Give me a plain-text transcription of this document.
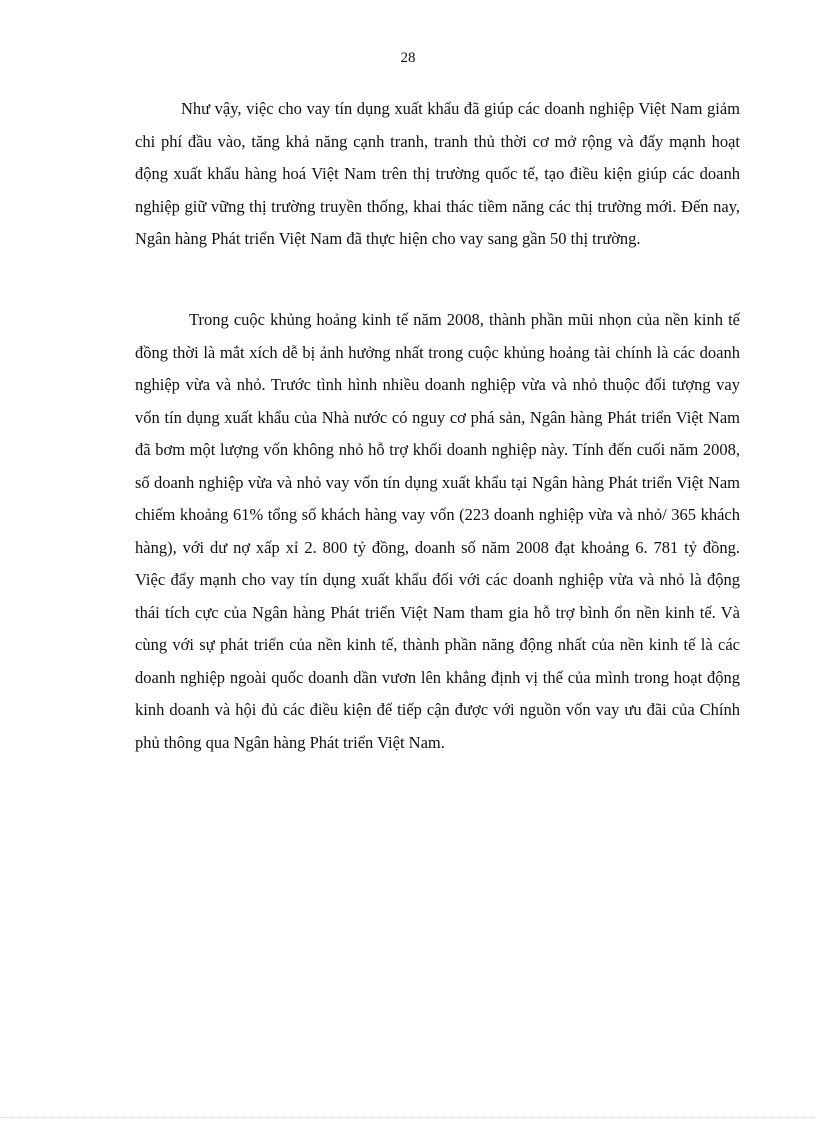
28

Như vậy, việc cho vay tín dụng xuất khẩu đã giúp các doanh nghiệp Việt Nam giảm chi phí đầu vào, tăng khả năng cạnh tranh, tranh thủ thời cơ mở rộng và đẩy mạnh hoạt động xuất khẩu hàng hoá Việt Nam trên thị trường quốc tế, tạo điều kiện giúp các doanh nghiệp giữ vững thị trường truyền thống, khai thác tiềm năng các thị trường mới. Đến nay, Ngân hàng Phát triển Việt Nam đã thực hiện cho vay sang gần 50 thị trường.

Trong cuộc khủng hoảng kinh tế năm 2008, thành phần mũi nhọn của nền kinh tế đồng thời là mắt xích dễ bị ảnh hưởng nhất trong cuộc khủng hoảng tài chính là các doanh nghiệp vừa và nhỏ. Trước tình hình nhiều doanh nghiệp vừa và nhỏ thuộc đối tượng vay vốn tín dụng xuất khẩu của Nhà nước có nguy cơ phá sản, Ngân hàng Phát triển Việt Nam đã bơm một lượng vốn không nhỏ hỗ trợ khối doanh nghiệp này. Tính đến cuối năm 2008, số doanh nghiệp vừa và nhỏ vay vốn tín dụng xuất khẩu tại Ngân hàng Phát triển Việt Nam chiếm khoảng 61% tổng số khách hàng vay vốn (223 doanh nghiệp vừa và nhỏ/ 365 khách hàng), với dư nợ xấp xỉ 2. 800 tỷ đồng, doanh số năm 2008 đạt khoảng 6. 781 tỷ đồng. Việc đẩy mạnh cho vay tín dụng xuất khẩu đối với các doanh nghiệp vừa và nhỏ là động thái tích cực của Ngân hàng Phát triển Việt Nam tham gia hỗ trợ bình ổn nền kinh tế. Và cùng với sự phát triển của nền kinh tế, thành phần năng động nhất của nền kinh tế là các doanh nghiệp ngoài quốc doanh dần vươn lên khẳng định vị thế của mình trong hoạt động kinh doanh và hội đủ các điều kiện để tiếp cận được với nguồn vốn vay ưu đãi của Chính phủ thông qua Ngân hàng Phát triển Việt Nam.
